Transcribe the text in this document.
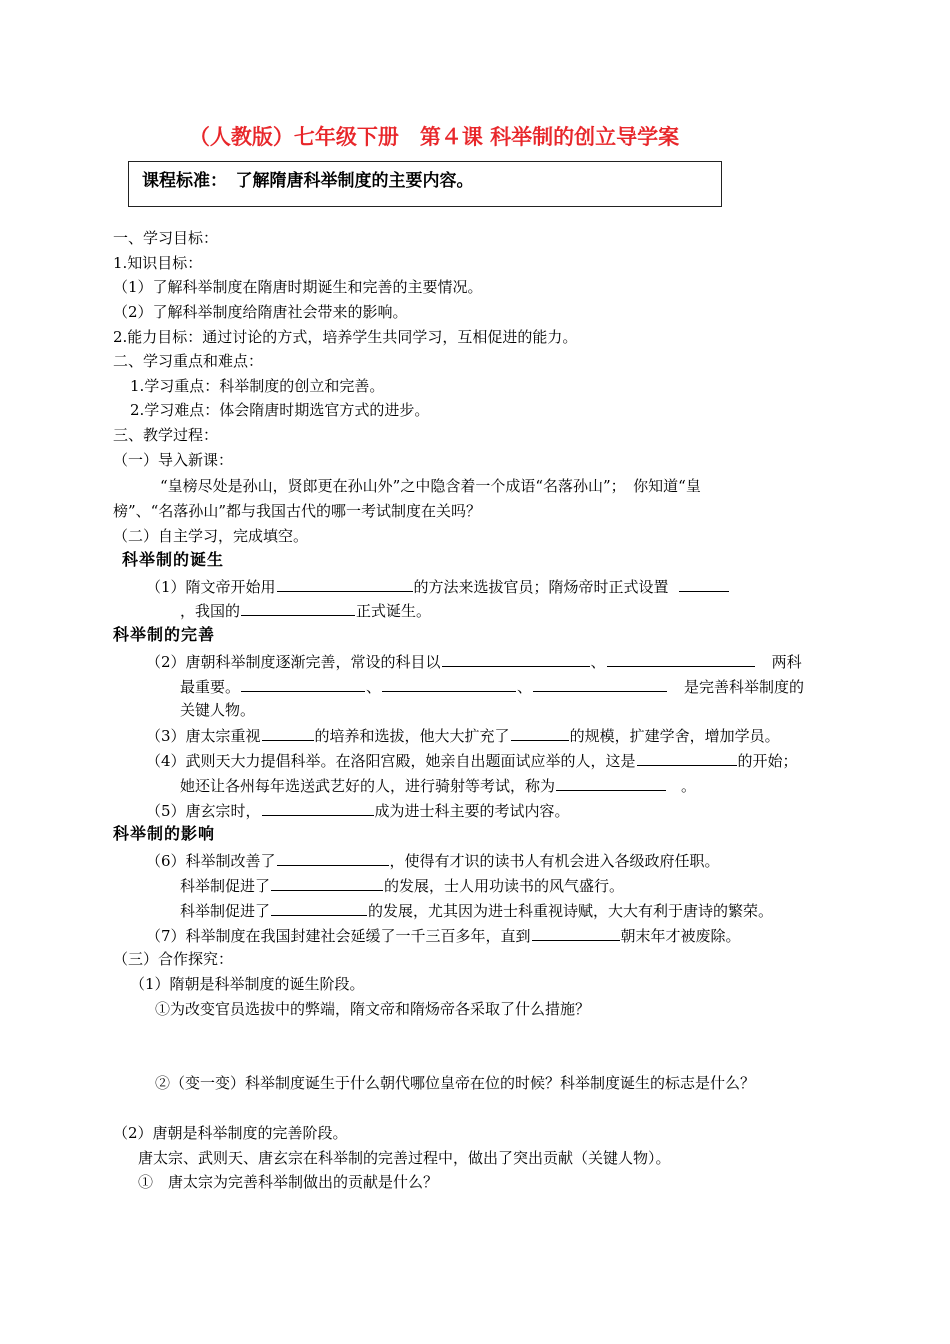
（人教版）七年级下册　第４课 科举制的创立导学案
课程标准：　了解隋唐科举制度的主要内容。
一、学习目标：
1.知识目标：
（1）了解科举制度在隋唐时期诞生和完善的主要情况。
（2）了解科举制度给隋唐社会带来的影响。
2.能力目标：通过讨论的方式，培养学生共同学习，互相促进的能力。
二、学习重点和难点：
1.学习重点：科举制度的创立和完善。
2.学习难点：体会隋唐时期选官方式的进步。
三、教学过程：
（一）导入新课：
“皇榜尽处是孙山，贤郎更在孙山外”之中隐含着一个成语“名落孙山”；　你知道“皇
榜”、“名落孙山”都与我国古代的哪一考试制度在关吗？
（二）自主学习，完成填空。
科举制的诞生
（1）隋文帝开始用	的方法来选拔官员；隋炀帝时正式设置
，我国的	正式诞生。
科举制的完善
（2）唐朝科举制度逐渐完善，常设的科目以	、	两科
最重要。	、	、	是完善科举制度的
关键人物。
（3）唐太宗重视	的培养和选拔，他大大扩充了	的规模，扩建学舍，增加学员。
（4）武则天大力提倡科举。在洛阳宫殿，她亲自出题面试应举的人，这是	的开始；
她还让各州每年选送武艺好的人，进行骑射等考试，称为	。
（5）唐玄宗时，	成为进士科主要的考试内容。
科举制的影响
（6）科举制改善了	，使得有才识的读书人有机会进入各级政府任职。
科举制促进了	的发展，士人用功读书的风气盛行。
科举制促进了	的发展，尤其因为进士科重视诗赋，大大有利于唐诗的繁荣。
（7）科举制度在我国封建社会延缓了一千三百多年，直到	朝末年才被废除。
（三）合作探究：
（1）隋朝是科举制度的诞生阶段。
①为改变官员选拔中的弊端，隋文帝和隋炀帝各采取了什么措施？
②（变一变）科举制度诞生于什么朝代哪位皇帝在位的时候？科举制度诞生的标志是什么？
（2）唐朝是科举制度的完善阶段。
唐太宗、武则天、唐玄宗在科举制的完善过程中，做出了突出贡献（关键人物）。
①　唐太宗为完善科举制做出的贡献是什么？
